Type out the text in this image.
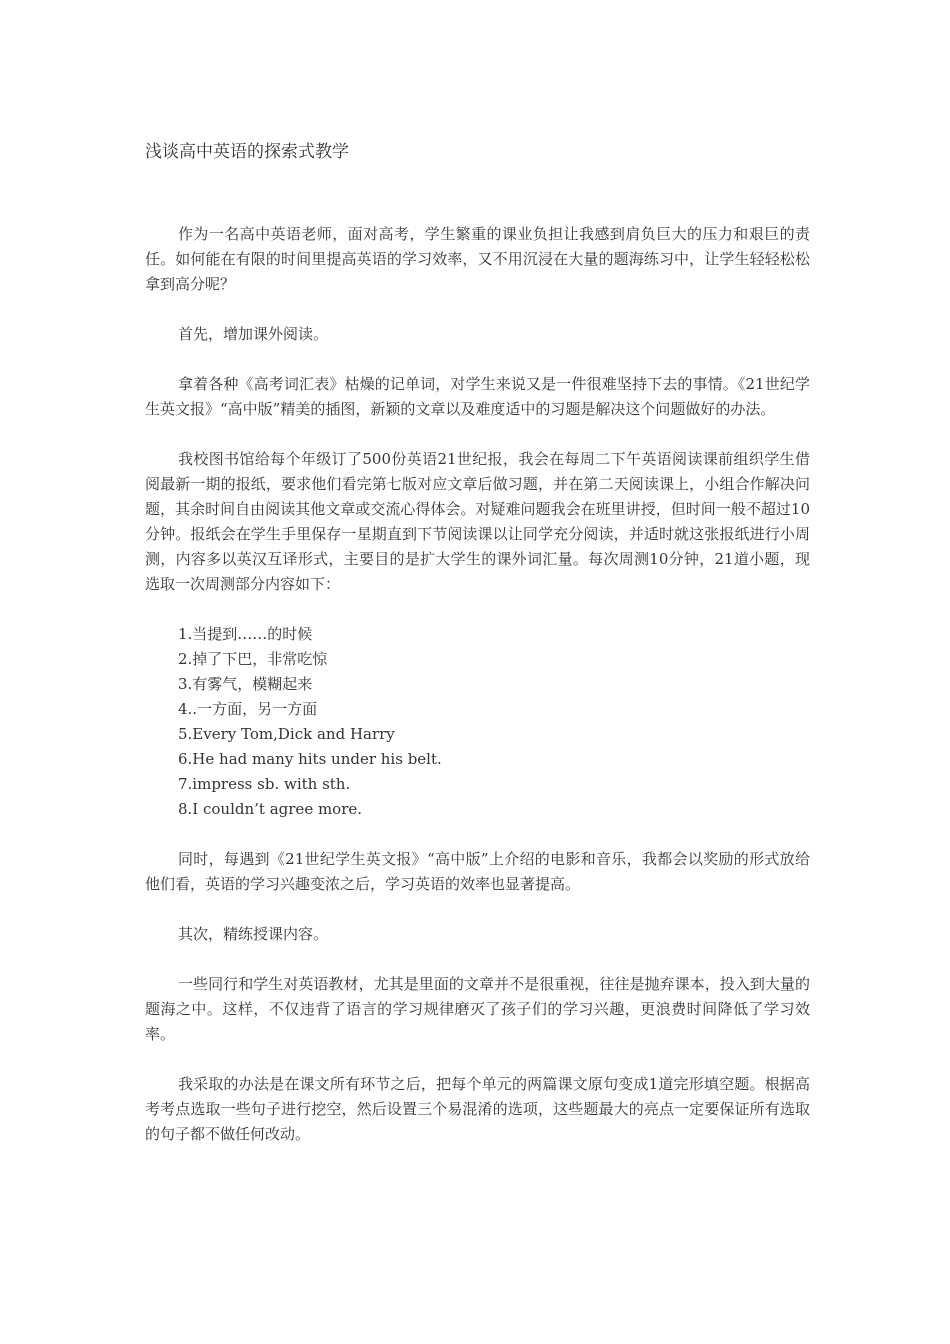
浅谈高中英语的探索式教学

作为一名高中英语老师，面对高考，学生繁重的课业负担让我感到肩负巨大的压力和艰巨的责任。如何能在有限的时间里提高英语的学习效率，又不用沉浸在大量的题海练习中，让学生轻轻松松拿到高分呢？

首先，增加课外阅读。

拿着各种《高考词汇表》枯燥的记单词，对学生来说又是一件很难坚持下去的事情。《21世纪学生英文报》“高中版”精美的插图，新颖的文章以及难度适中的习题是解决这个问题做好的办法。

我校图书馆给每个年级订了500份英语21世纪报，我会在每周二下午英语阅读课前组织学生借阅最新一期的报纸，要求他们看完第七版对应文章后做习题，并在第二天阅读课上，小组合作解决问题，其余时间自由阅读其他文章或交流心得体会。对疑难问题我会在班里讲授，但时间一般不超过10分钟。报纸会在学生手里保存一星期直到下节阅读课以让同学充分阅读，并适时就这张报纸进行小周测，内容多以英汉互译形式，主要目的是扩大学生的课外词汇量。每次周测10分钟，21道小题，现选取一次周测部分内容如下：

1.当提到……的时候
2.掉了下巴，非常吃惊
3.有雾气，模糊起来
4..一方面，另一方面
5.Every Tom,Dick and Harry
6.He had many hits under his belt.
7.impress sb. with sth.
8.I couldn’t agree more.

同时，每遇到《21世纪学生英文报》“高中版”上介绍的电影和音乐，我都会以奖励的形式放给他们看，英语的学习兴趣变浓之后，学习英语的效率也显著提高。

其次，精练授课内容。

一些同行和学生对英语教材，尤其是里面的文章并不是很重视，往往是抛弃课本，投入到大量的题海之中。这样，不仅违背了语言的学习规律磨灭了孩子们的学习兴趣，更浪费时间降低了学习效率。

我采取的办法是在课文所有环节之后，把每个单元的两篇课文原句变成1道完形填空题。根据高考考点选取一些句子进行挖空，然后设置三个易混淆的选项，这些题最大的亮点一定要保证所有选取的句子都不做任何改动。
